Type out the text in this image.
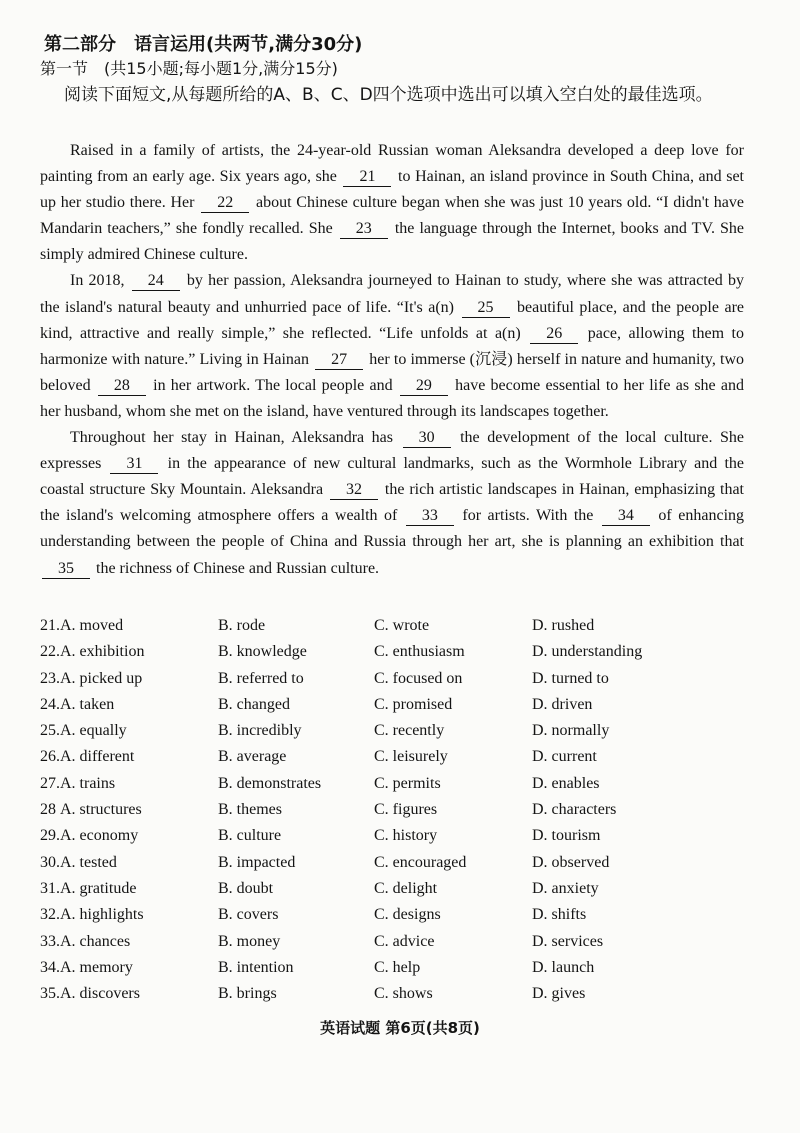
第二部分　语言运用(共两节,满分30分)
第一节　(共15小题;每小题1分,满分15分)
阅读下面短文,从每题所给的A、B、C、D四个选项中选出可以填入空白处的最佳选项。

Raised in a family of artists, the 24-year-old Russian woman Aleksandra developed a deep love for painting from an early age. Six years ago, she 21 to Hainan, an island province in South China, and set up her studio there. Her 22 about Chinese culture began when she was just 10 years old. “I didn't have Mandarin teachers,” she fondly recalled. She 23 the language through the Internet, books and TV. She simply admired Chinese culture.

In 2018, 24 by her passion, Aleksandra journeyed to Hainan to study, where she was attracted by the island's natural beauty and unhurried pace of life. “It's a(n) 25 beautiful place, and the people are kind, attractive and really simple,” she reflected. “Life unfolds at a(n) 26 pace, allowing them to harmonize with nature.” Living in Hainan 27 her to immerse (沉浸) herself in nature and humanity, two beloved 28 in her artwork. The local people and 29 have become essential to her life as she and her husband, whom she met on the island, have ventured through its landscapes together.

Throughout her stay in Hainan, Aleksandra has 30 the development of the local culture. She expresses 31 in the appearance of new cultural landmarks, such as the Wormhole Library and the coastal structure Sky Mountain. Aleksandra 32 the rich artistic landscapes in Hainan, emphasizing that the island's welcoming atmosphere offers a wealth of 33 for artists. With the 34 of enhancing understanding between the people of China and Russia through her art, she is planning an exhibition that 35 the richness of Chinese and Russian culture.

21. A. moved	B. rode	C. wrote	D. rushed
22. A. exhibition	B. knowledge	C. enthusiasm	D. understanding
23. A. picked up	B. referred to	C. focused on	D. turned to
24. A. taken	B. changed	C. promised	D. driven
25. A. equally	B. incredibly	C. recently	D. normally
26. A. different	B. average	C. leisurely	D. current
27. A. trains	B. demonstrates	C. permits	D. enables
28 A. structures	B. themes	C. figures	D. characters
29. A. economy	B. culture	C. history	D. tourism
30. A. tested	B. impacted	C. encouraged	D. observed
31. A. gratitude	B. doubt	C. delight	D. anxiety
32. A. highlights	B. covers	C. designs	D. shifts
33. A. chances	B. money	C. advice	D. services
34. A. memory	B. intention	C. help	D. launch
35. A. discovers	B. brings	C. shows	D. gives
英语试题 第6页(共8页)
